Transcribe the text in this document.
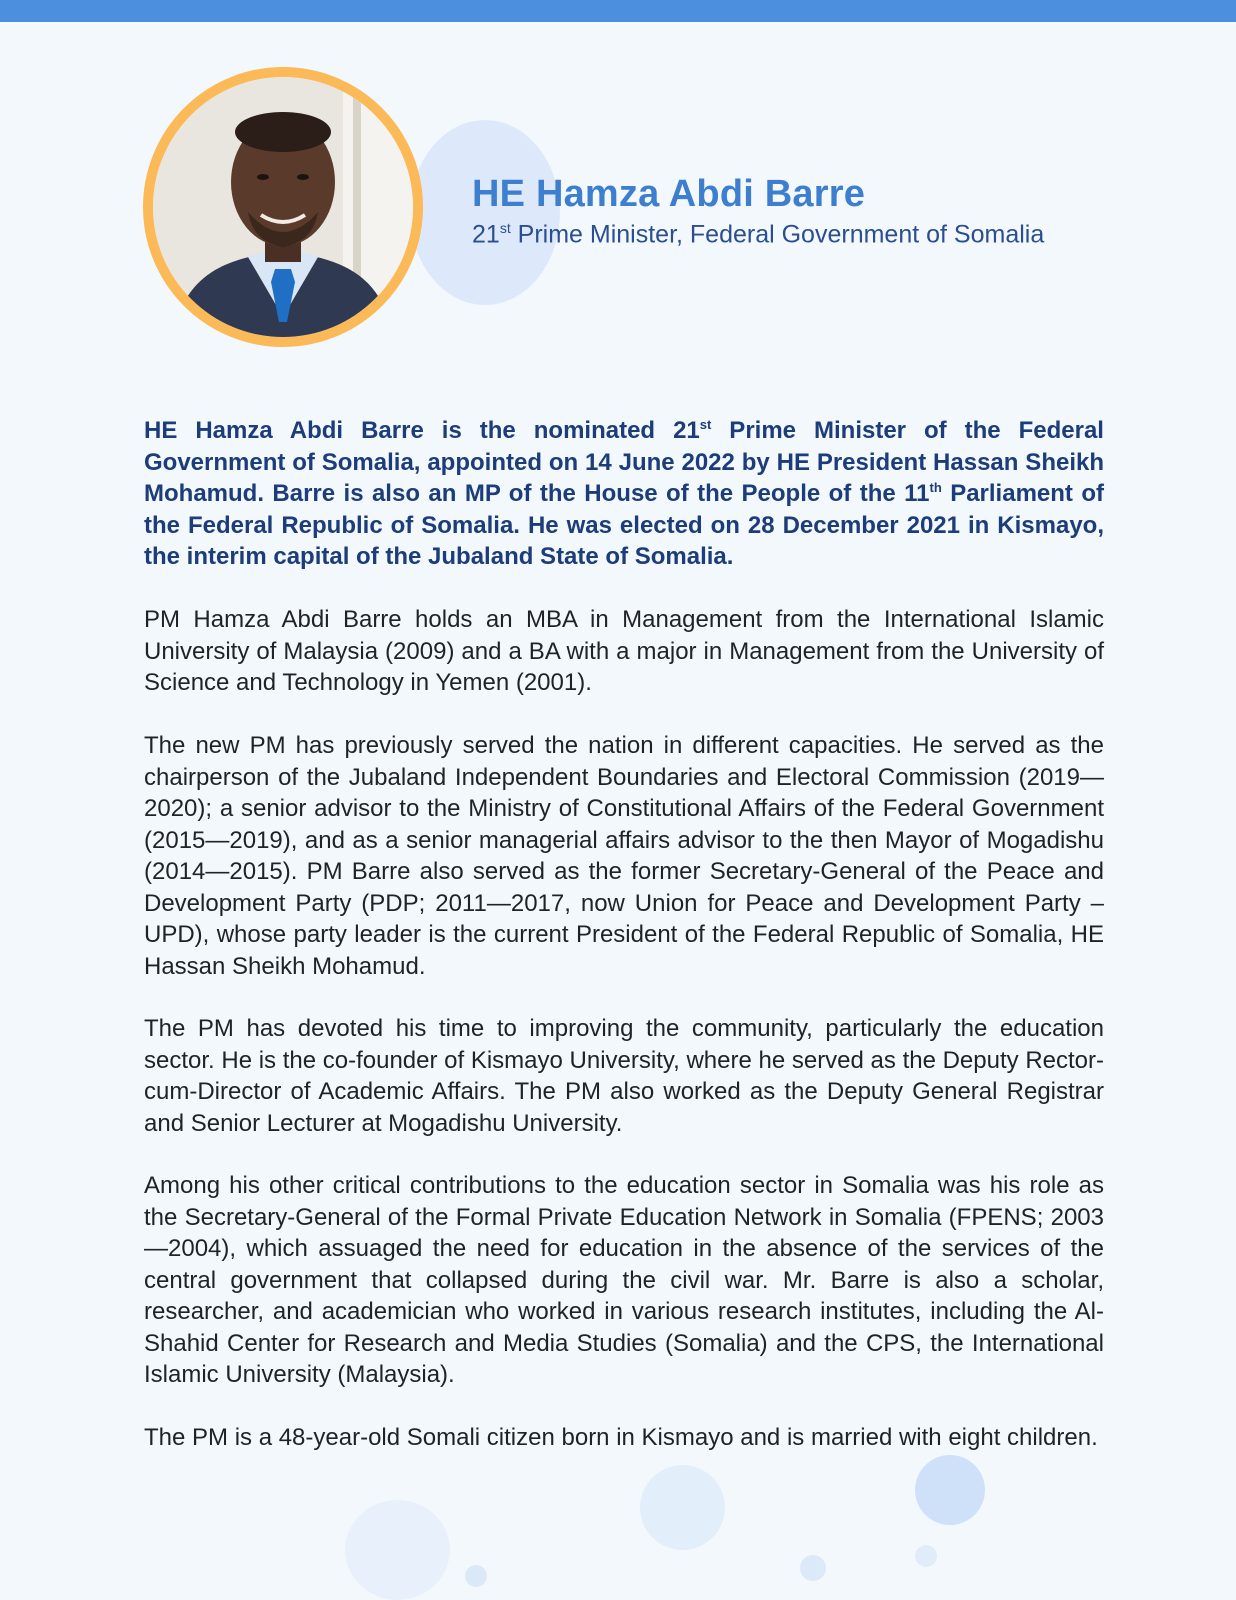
HE Hamza Abdi Barre
21st Prime Minister, Federal Government of Somalia

HE Hamza Abdi Barre is the nominated 21st Prime Minister of the Federal Government of Somalia, appointed on 14 June 2022 by HE President Hassan Sheikh Mohamud. Barre is also an MP of the House of the People of the 11th Parliament of the Federal Republic of Somalia. He was elected on 28 December 2021 in Kismayo, the interim capital of the Jubaland State of Somalia.

PM Hamza Abdi Barre holds an MBA in Management from the International Islamic University of Malaysia (2009) and a BA with a major in Management from the University of Science and Technology in Yemen (2001).

The new PM has previously served the nation in different capacities. He served as the chairperson of the Jubaland Independent Boundaries and Electoral Commission (2019—2020); a senior advisor to the Ministry of Constitutional Affairs of the Federal Government (2015—2019), and as a senior managerial affairs advisor to the then Mayor of Mogadishu (2014—2015). PM Barre also served as the former Secretary-General of the Peace and Development Party (PDP; 2011—2017, now Union for Peace and Development Party – UPD), whose party leader is the current President of the Federal Republic of Somalia, HE Hassan Sheikh Mohamud.

The PM has devoted his time to improving the community, particularly the education sector. He is the co-founder of Kismayo University, where he served as the Deputy Rector-cum-Director of Academic Affairs. The PM also worked as the Deputy General Registrar and Senior Lecturer at Mogadishu University.

Among his other critical contributions to the education sector in Somalia was his role as the Secretary-General of the Formal Private Education Network in Somalia (FPENS; 2003—2004), which assuaged the need for education in the absence of the services of the central government that collapsed during the civil war. Mr. Barre is also a scholar, researcher, and academician who worked in various research institutes, including the Al-Shahid Center for Research and Media Studies (Somalia) and the CPS, the International Islamic University (Malaysia).

The PM is a 48-year-old Somali citizen born in Kismayo and is married with eight children.
